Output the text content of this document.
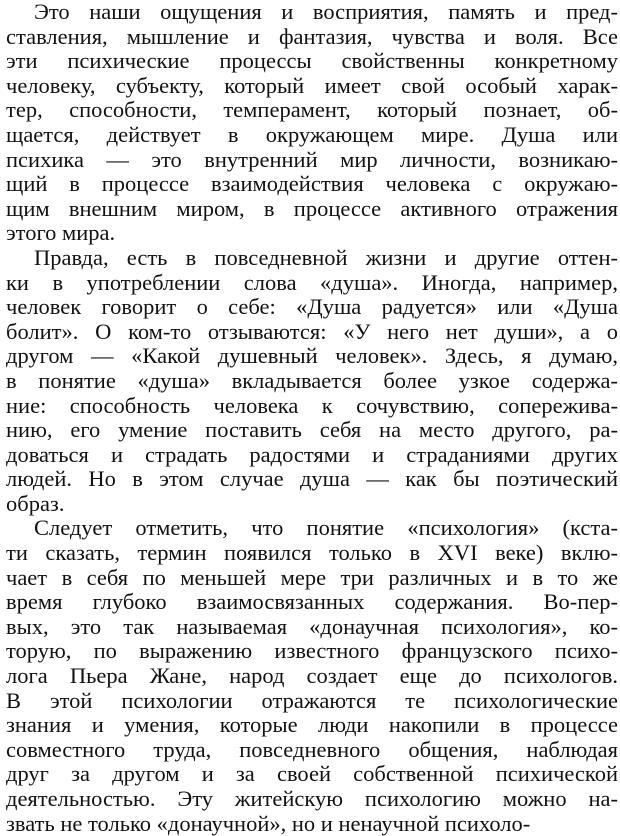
Это наши ощущения и восприятия, память и пред-
ставления, мышление и фантазия, чувства и воля. Все
эти психические процессы свойственны конкретному
человеку, субъекту, который имеет свой особый харак-
тер, способности, темперамент, который познает, об-
щается, действует в окружающем мире. Душа или
психика — это внутренний мир личности, возникаю-
щий в процессе взаимодействия человека с окружаю-
щим внешним миром, в процессе активного отражения
этого мира.
Правда, есть в повседневной жизни и другие оттен-
ки в употреблении слова «душа». Иногда, например,
человек говорит о себе: «Душа радуется» или «Душа
болит». О ком-то отзываются: «У него нет души», а о
другом — «Какой душевный человек». Здесь, я думаю,
в понятие «душа» вкладывается более узкое содержа-
ние: способность человека к сочувствию, сопережива-
нию, его умение поставить себя на место другого, ра-
доваться и страдать радостями и страданиями других
людей. Но в этом случае душа — как бы поэтический
образ.
Следует отметить, что понятие «психология» (кста-
ти сказать, термин появился только в XVI веке) вклю-
чает в себя по меньшей мере три различных и в то же
время глубоко взаимосвязанных содержания. Во-пер-
вых, это так называемая «донаучная психология», ко-
торую, по выражению известного французского психо-
лога Пьера Жане, народ создает еще до психологов.
В этой психологии отражаются те психологические
знания и умения, которые люди накопили в процессе
совместного труда, повседневного общения, наблюдая
друг за другом и за своей собственной психической
деятельностью. Эту житейскую психологию можно на-
звать не только «донаучной», но и ненаучной психоло-
